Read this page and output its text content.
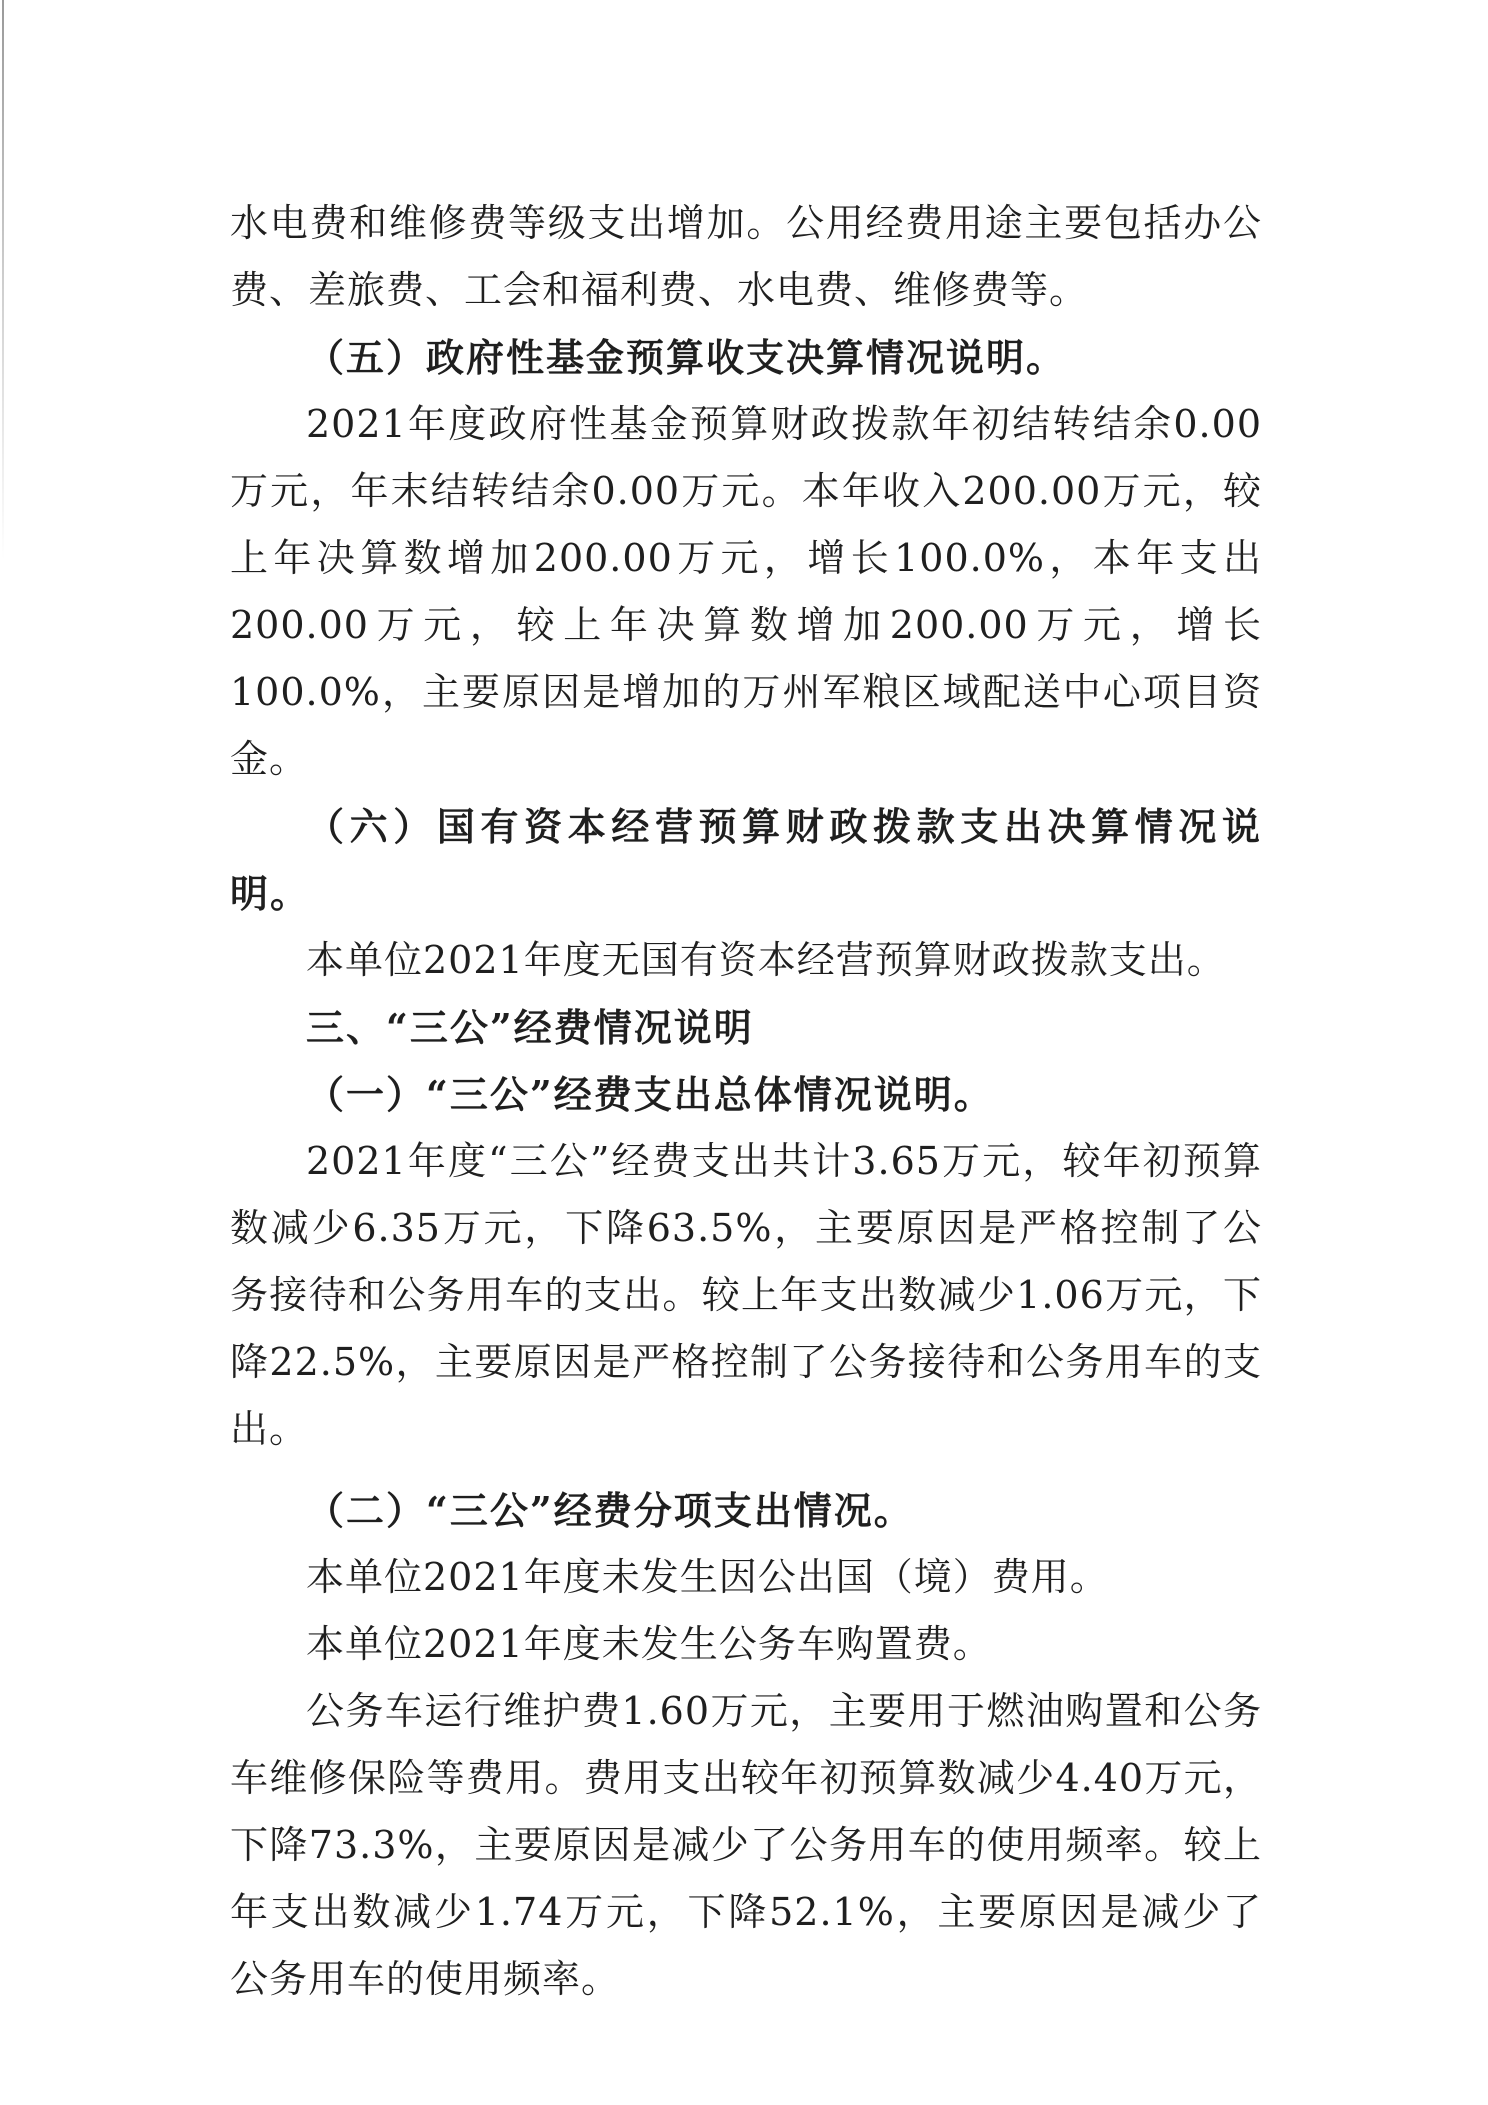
水电费和维修费等级支出增加。公用经费用途主要包括办公费、差旅费、工会和福利费、水电费、维修费等。

（五）政府性基金预算收支决算情况说明。

2021年度政府性基金预算财政拨款年初结转结余0.00万元，年末结转结余0.00万元。本年收入200.00万元，较上年决算数增加200.00万元，增长100.0%，本年支出200.00万元，较上年决算数增加200.00万元，增长100.0%，主要原因是增加的万州军粮区域配送中心项目资金。

（六）国有资本经营预算财政拨款支出决算情况说明。

本单位2021年度无国有资本经营预算财政拨款支出。

三、“三公”经费情况说明

（一）“三公”经费支出总体情况说明。

2021年度“三公”经费支出共计3.65万元，较年初预算数减少6.35万元，下降63.5%，主要原因是严格控制了公务接待和公务用车的支出。较上年支出数减少1.06万元，下降22.5%，主要原因是严格控制了公务接待和公务用车的支出。

（二）“三公”经费分项支出情况。

本单位2021年度未发生因公出国（境）费用。

本单位2021年度未发生公务车购置费。

公务车运行维护费1.60万元，主要用于燃油购置和公务车维修保险等费用。费用支出较年初预算数减少4.40万元，下降73.3%，主要原因是减少了公务用车的使用频率。较上年支出数减少1.74万元，下降52.1%，主要原因是减少了公务用车的使用频率。
